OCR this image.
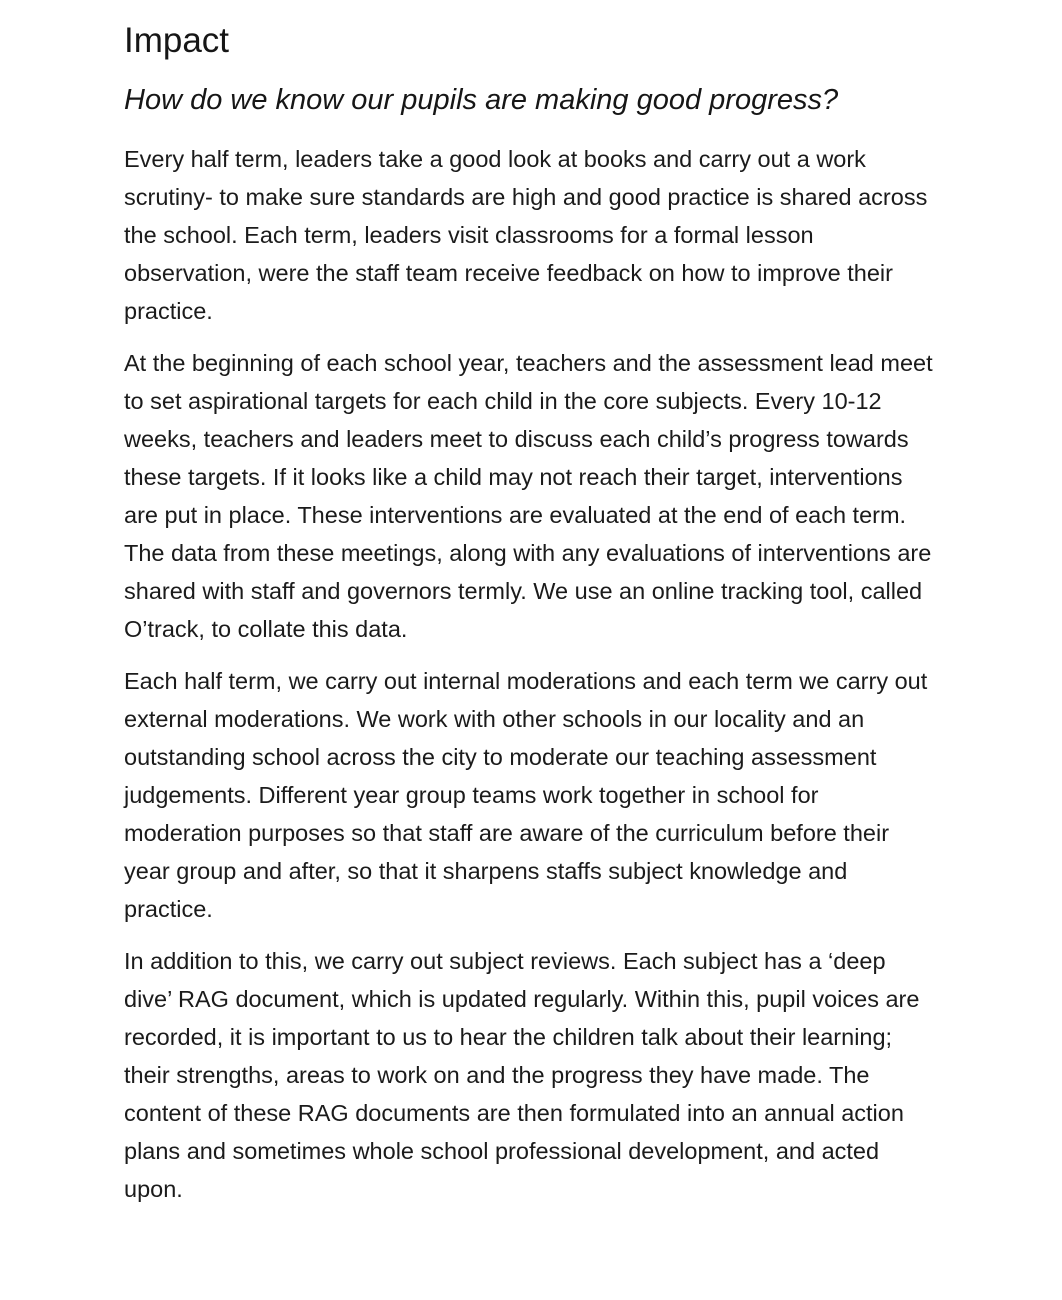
Impact
How do we know our pupils are making good progress?

Every half term, leaders take a good look at books and carry out a work scrutiny- to make sure standards are high and good practice is shared across the school. Each term, leaders visit classrooms for a formal lesson observation, were the staff team receive feedback on how to improve their practice.

At the beginning of each school year, teachers and the assessment lead meet to set aspirational targets for each child in the core subjects. Every 10-12 weeks, teachers and leaders meet to discuss each child’s progress towards these targets. If it looks like a child may not reach their target, interventions are put in place. These interventions are evaluated at the end of each term. The data from these meetings, along with any evaluations of interventions are shared with staff and governors termly. We use an online tracking tool, called O’track, to collate this data.

Each half term, we carry out internal moderations and each term we carry out external moderations. We work with other schools in our locality and an outstanding school across the city to moderate our teaching assessment judgements. Different year group teams work together in school for moderation purposes so that staff are aware of the curriculum before their year group and after, so that it sharpens staffs subject knowledge and practice.

In addition to this, we carry out subject reviews. Each subject has a ‘deep dive’ RAG document, which is updated regularly. Within this, pupil voices are recorded, it is important to us to hear the children talk about their learning; their strengths, areas to work on and the progress they have made. The content of these RAG documents are then formulated into an annual action plans and sometimes whole school professional development, and acted upon.
